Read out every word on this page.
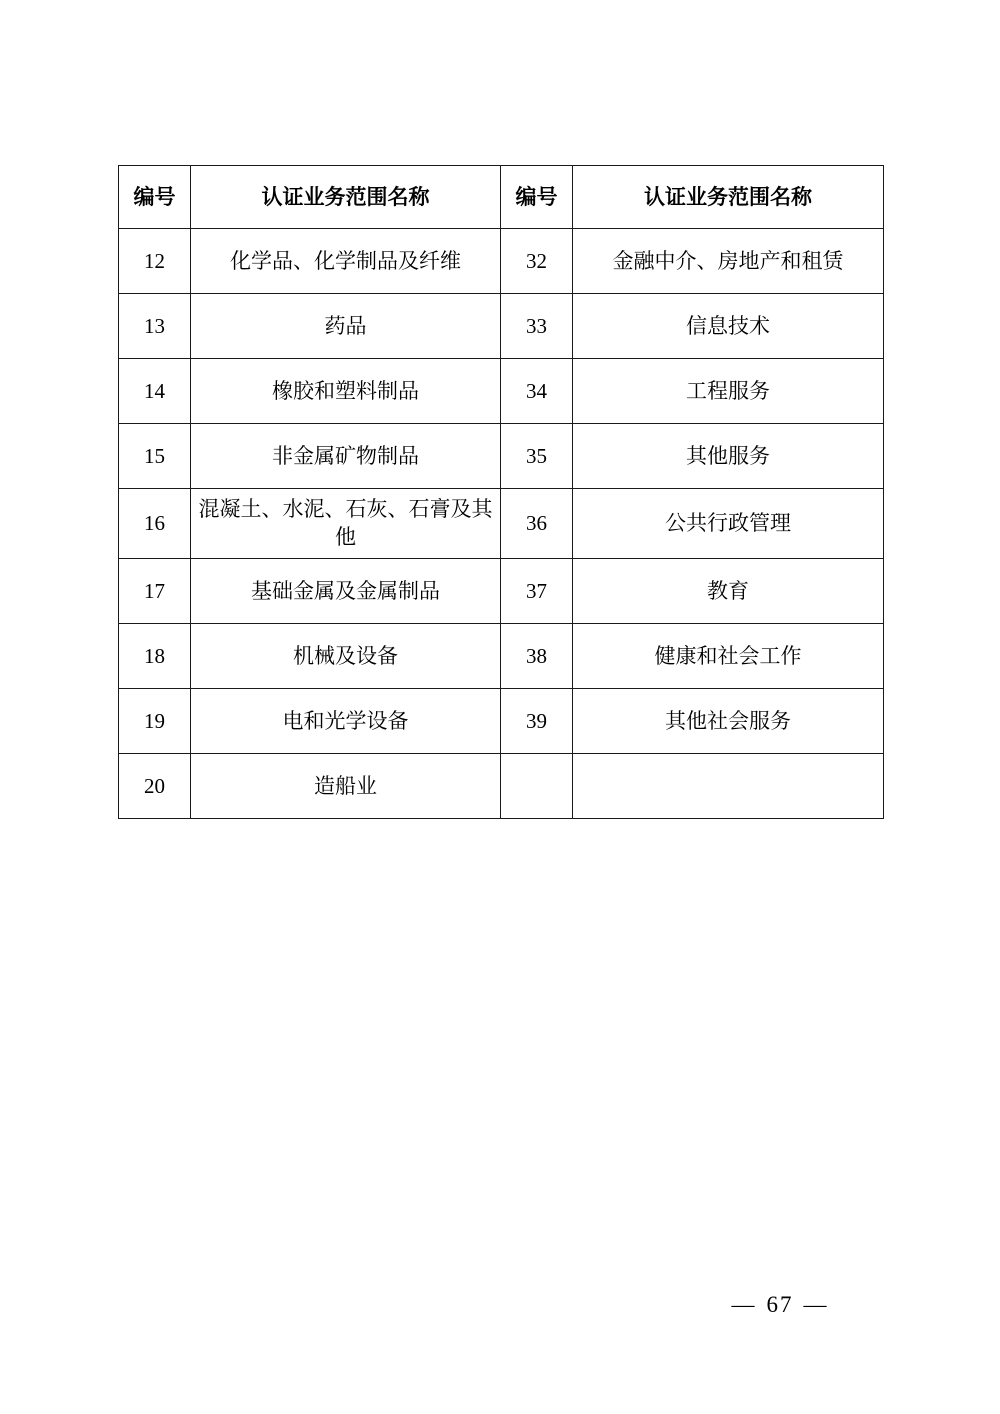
编号	认证业务范围名称	编号	认证业务范围名称
12	化学品、化学制品及纤维	32	金融中介、房地产和租赁
13	药品	33	信息技术
14	橡胶和塑料制品	34	工程服务
15	非金属矿物制品	35	其他服务
16	混凝土、水泥、石灰、石膏及其他	36	公共行政管理
17	基础金属及金属制品	37	教育
18	机械及设备	38	健康和社会工作
19	电和光学设备	39	其他社会服务
20	造船业		
— 67 —
